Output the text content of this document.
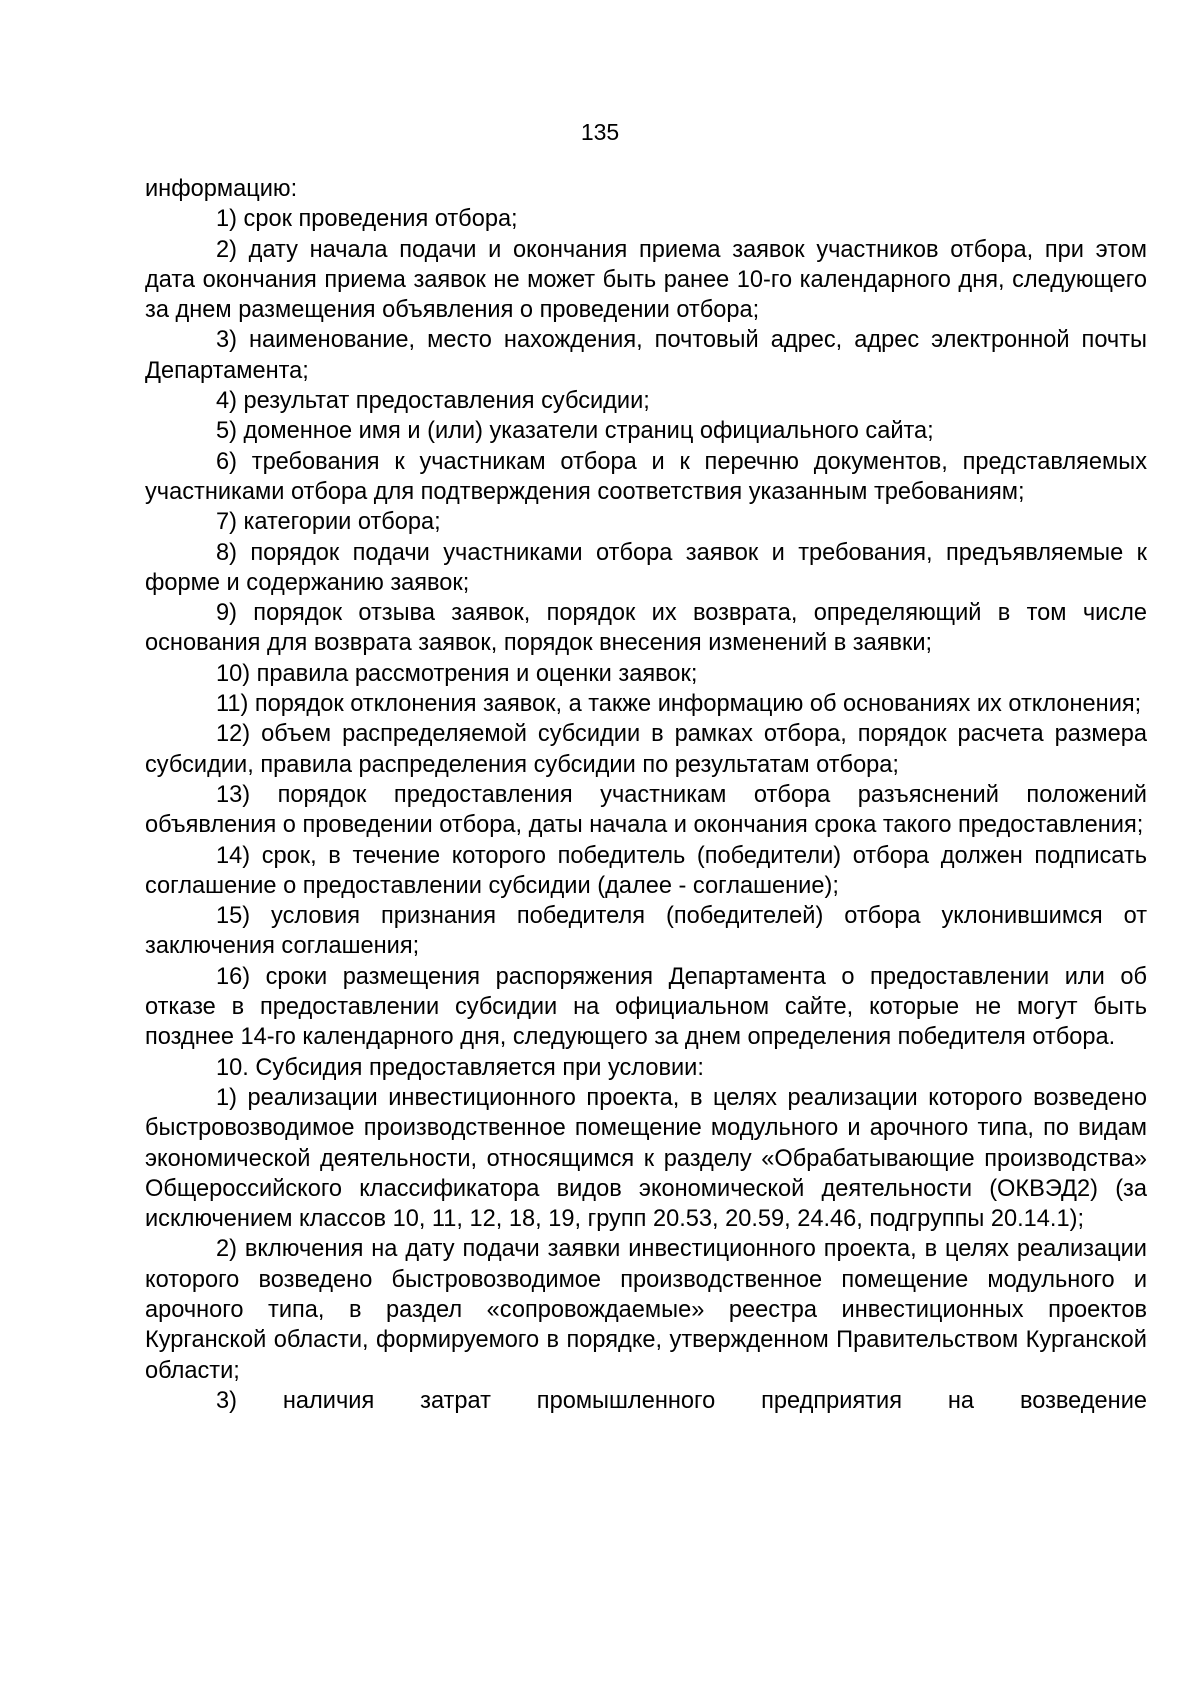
135

информацию:

1) срок проведения отбора;

2) дату начала подачи и окончания приема заявок участников отбора, при этом дата окончания приема заявок не может быть ранее 10-го календарного дня, следующего за днем размещения объявления о проведении отбора;

3) наименование, место нахождения, почтовый адрес, адрес электронной почты Департамента;

4) результат предоставления субсидии;

5) доменное имя и (или) указатели страниц официального сайта;

6) требования к участникам отбора и к перечню документов, представляемых участниками отбора для подтверждения соответствия указанным требованиям;

7) категории отбора;

8) порядок подачи участниками отбора заявок и требования, предъявляемые к форме и содержанию заявок;

9) порядок отзыва заявок, порядок их возврата, определяющий в том числе основания для возврата заявок, порядок внесения изменений в заявки;

10) правила рассмотрения и оценки заявок;

11) порядок отклонения заявок, а также информацию об основаниях их отклонения;

12) объем распределяемой субсидии в рамках отбора, порядок расчета размера субсидии, правила распределения субсидии по результатам отбора;

13) порядок предоставления участникам отбора разъяснений положений объявления о проведении отбора, даты начала и окончания срока такого предоставления;

14) срок, в течение которого победитель (победители) отбора должен подписать соглашение о предоставлении субсидии (далее - соглашение);

15) условия признания победителя (победителей) отбора уклонившимся от заключения соглашения;

16) сроки размещения распоряжения Департамента о предоставлении или об отказе в предоставлении субсидии на официальном сайте, которые не могут быть позднее 14-го календарного дня, следующего за днем определения победителя отбора.

10. Субсидия предоставляется при условии:

1) реализации инвестиционного проекта, в целях реализации которого возведено быстровозводимое производственное помещение модульного и арочного типа, по видам экономической деятельности, относящимся к разделу «Обрабатывающие производства» Общероссийского классификатора видов экономической деятельности (ОКВЭД2) (за исключением классов 10, 11, 12, 18, 19, групп 20.53, 20.59, 24.46, подгруппы 20.14.1);

2) включения на дату подачи заявки инвестиционного проекта, в целях реализации которого возведено быстровозводимое производственное помещение модульного и арочного типа, в раздел «сопровождаемые» реестра инвестиционных проектов Курганской области, формируемого в порядке, утвержденном Правительством Курганской области;

3) наличия затрат промышленного предприятия на возведение
